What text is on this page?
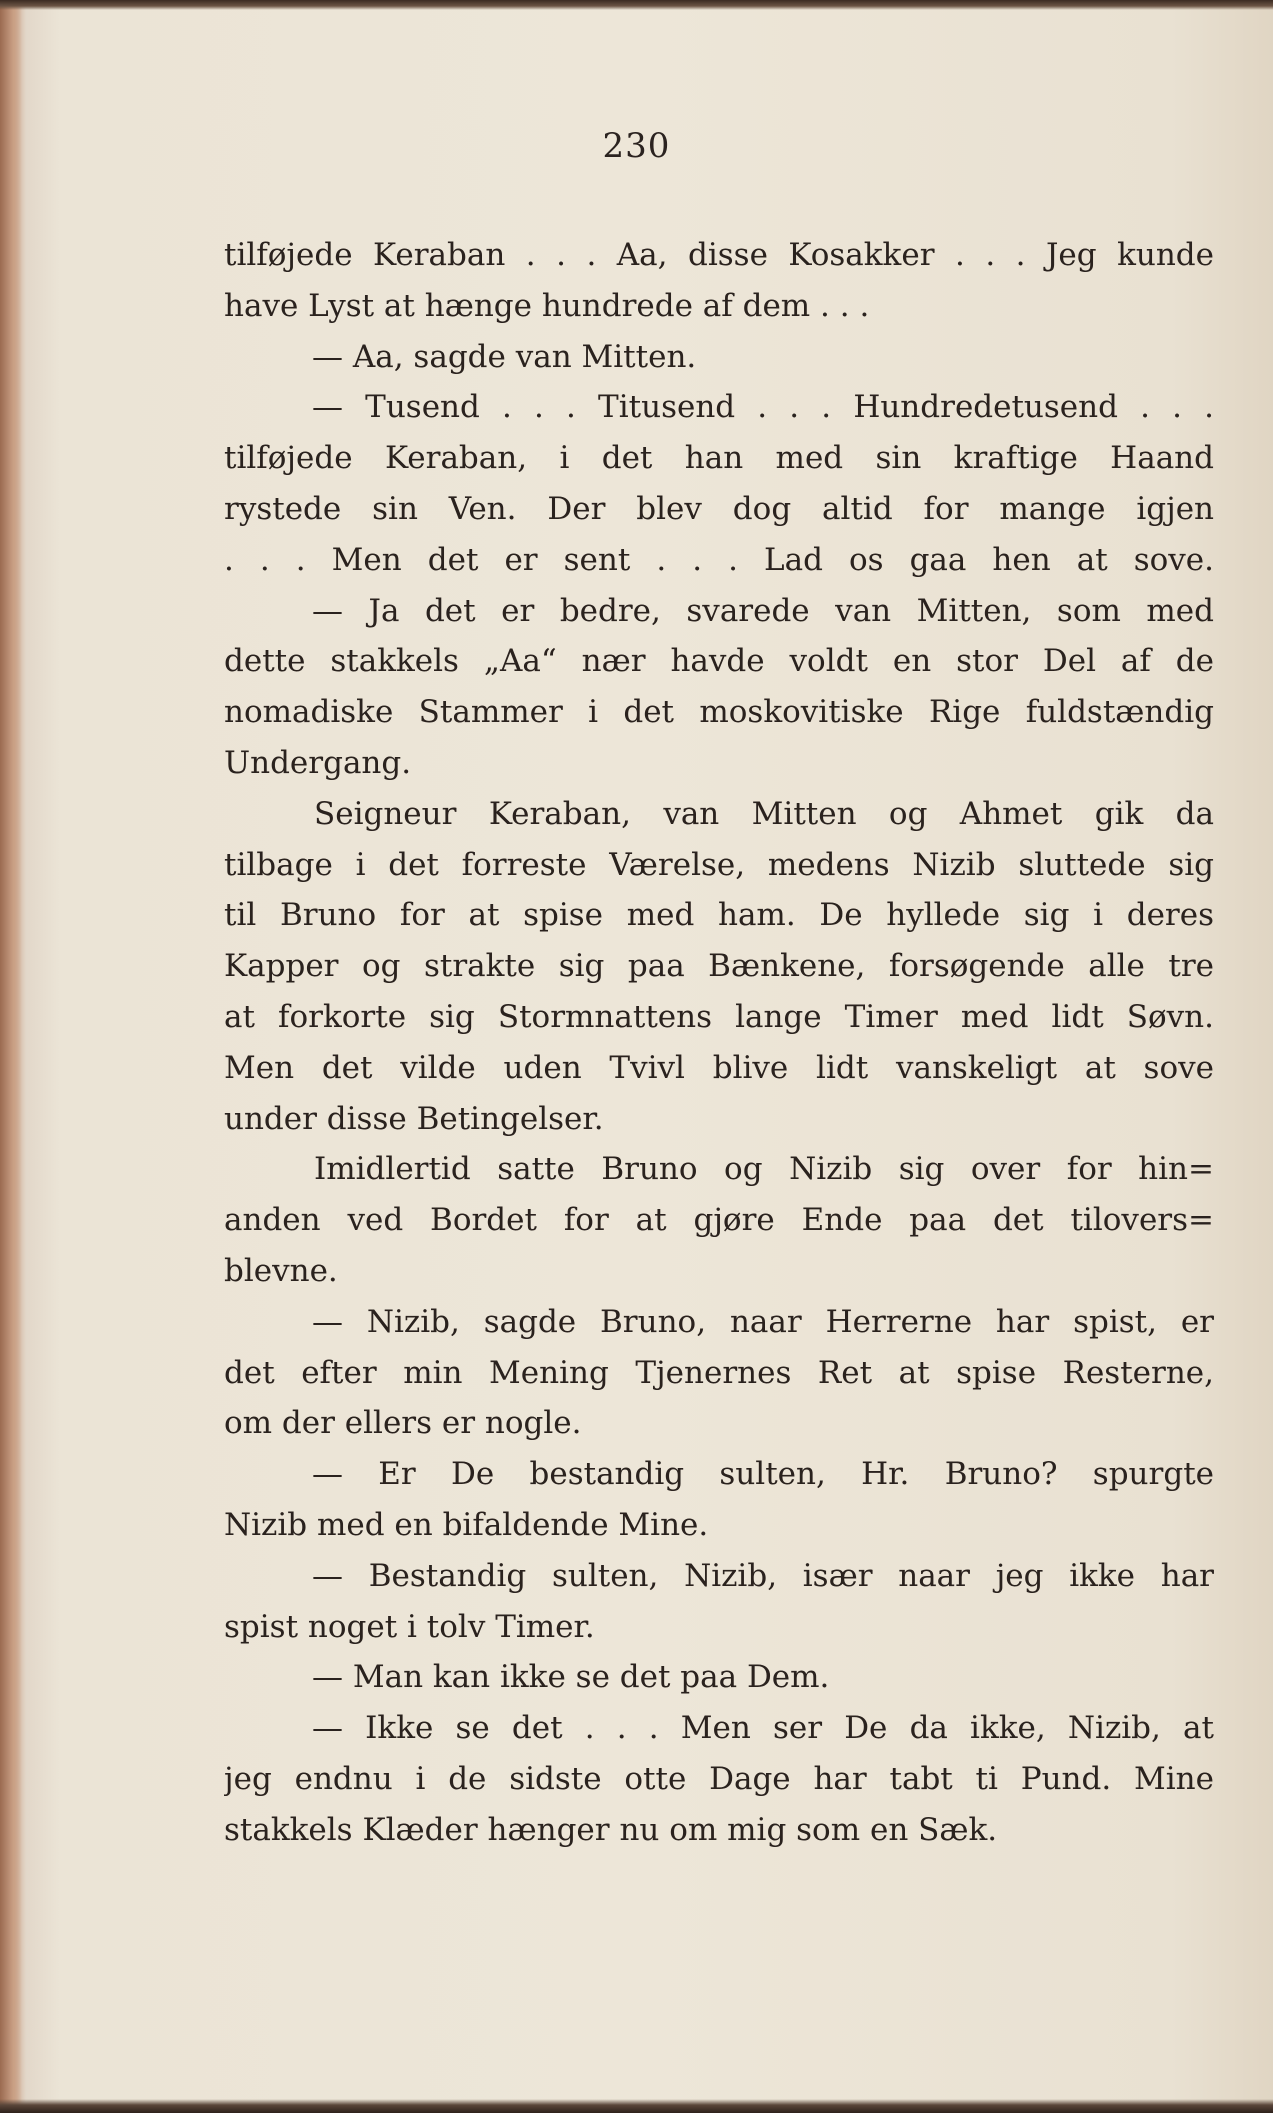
230
tilføjede Keraban . . . Aa, disse Kosakker . . . Jeg kunde
have Lyst at hænge hundrede af dem . . .
— Aa, sagde van Mitten.
— Tusend . . . Titusend . . . Hundredetusend . . .
tilføjede Keraban, i det han med sin kraftige Haand
rystede sin Ven. Der blev dog altid for mange igjen
. . . Men det er sent . . . Lad os gaa hen at sove.
— Ja det er bedre, svarede van Mitten, som med
dette stakkels „Aa“ nær havde voldt en stor Del af de
nomadiske Stammer i det moskovitiske Rige fuldstændig
Undergang.
Seigneur Keraban, van Mitten og Ahmet gik da
tilbage i det forreste Værelse, medens Nizib sluttede sig
til Bruno for at spise med ham. De hyllede sig i deres
Kapper og strakte sig paa Bænkene, forsøgende alle tre
at forkorte sig Stormnattens lange Timer med lidt Søvn.
Men det vilde uden Tvivl blive lidt vanskeligt at sove
under disse Betingelser.
Imidlertid satte Bruno og Nizib sig over for hin=
anden ved Bordet for at gjøre Ende paa det tilovers=
blevne.
— Nizib, sagde Bruno, naar Herrerne har spist, er
det efter min Mening Tjenernes Ret at spise Resterne,
om der ellers er nogle.
— Er De bestandig sulten, Hr. Bruno? spurgte
Nizib med en bifaldende Mine.
— Bestandig sulten, Nizib, især naar jeg ikke har
spist noget i tolv Timer.
— Man kan ikke se det paa Dem.
— Ikke se det . . . Men ser De da ikke, Nizib, at
jeg endnu i de sidste otte Dage har tabt ti Pund. Mine
stakkels Klæder hænger nu om mig som en Sæk.
